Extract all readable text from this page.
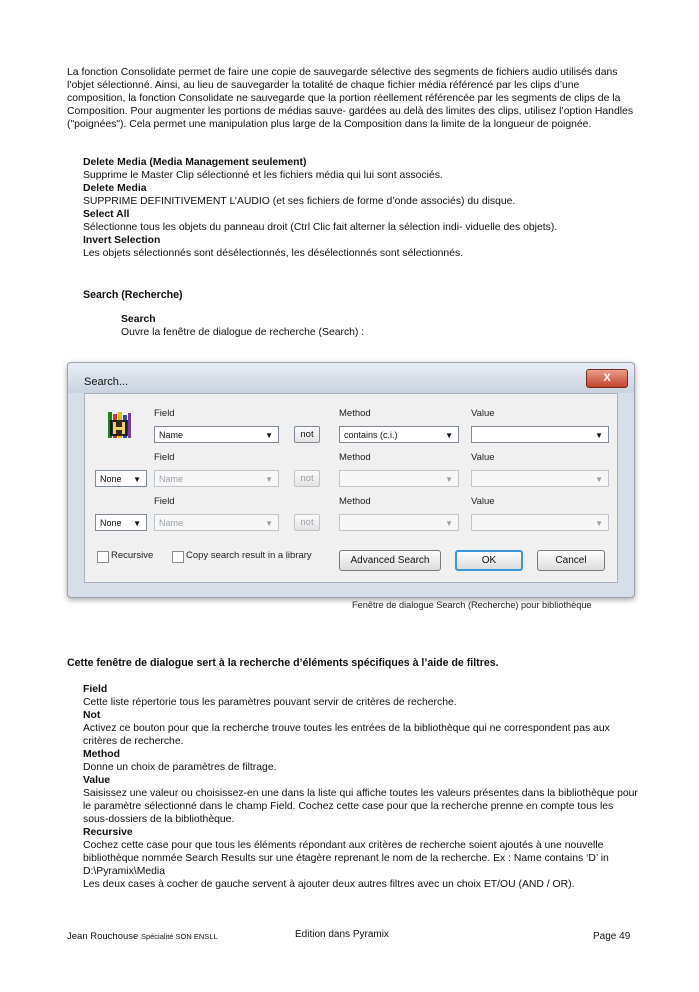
La fonction Consolidate permet de faire une copie de sauvegarde sélective des segments de fichiers audio utilisés dans l’objet sélectionné. Ainsi, au lieu de sauvegarder la totalité de chaque fichier média référencé par les clips d’une composition, la fonction Consolidate ne sauvegarde que la portion réellement référencée par les segments de clips de la Composition. Pour augmenter les portions de médias sauve- gardées au delà des limites des clips, utilisez l’option Handles ("poignées"). Cela permet une manipulation plus large de la Composition dans la limite de la longueur de poignée.

Delete Media (Media Management seulement)

Supprime le Master Clip sélectionné et les fichiers média qui lui sont associés.

Delete Media

SUPPRIME DEFINITIVEMENT L’AUDIO (et ses fichiers de forme d’onde associés) du disque.

Select All

Sélectionne tous les objets du panneau droit (Ctrl Clic fait alterner la sélection indi- viduelle des objets).

Invert Selection

Les objets sélectionnés sont désélectionnés, les désélectionnés sont sélectionnés.

Search (Recherche)

Search

Ouvre la fenêtre de dialogue de recherche (Search) :

Search...	X
Field	Method	Value
Name	▼	not	contains (c.i.)	▼	▼
Field	Method	Value
None ▼	Name	▼	not	▼	▼
Field	Method	Value
None ▼	Name	▼	not	▼	▼
Recursive	Copy search result in a library	Advanced Search	OK	Cancel

Fenêtre de dialogue Search (Recherche) pour bibliothèque

Cette fenêtre de dialogue sert à la recherche d’éléments spécifiques à l’aide de filtres.

Field

Cette liste répertorie tous les paramètres pouvant servir de critères de recherche.

Not

Activez ce bouton pour que la recherche trouve toutes les entrées de la bibliothèque qui ne correspondent pas aux critères de recherche.

Method

Donne un choix de paramètres de filtrage.

Value

Saisissez une valeur ou choisissez-en une dans la liste qui affiche toutes les valeurs présentes dans la bibliothèque pour le paramètre sélectionné dans le champ Field. Cochez cette case pour que la recherche prenne en compte tous les sous-dossiers de la bibliothèque.

Recursive

Cochez cette case pour que tous les éléments répondant aux critères de recherche soient ajoutés à une nouvelle bibliothèque nommée Search Results sur une étagère reprenant le nom de la recherche. Ex : Name contains ‘D’ in D:\Pyramix\Media

Les deux cases à cocher de gauche servent à ajouter deux autres filtres avec un choix ET/OU (AND / OR).

Jean Rouchouse Spécialité SON ENSLL	Edition dans Pyramix	Page 49
